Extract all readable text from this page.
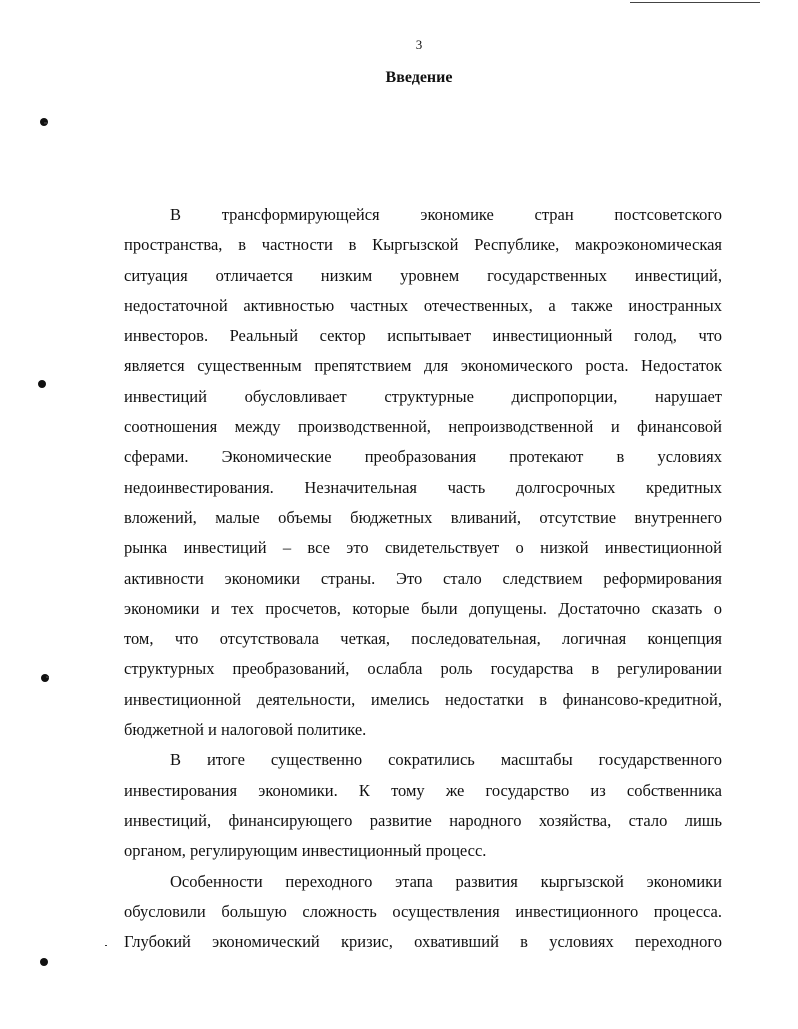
3
Введение
В трансформирующейся экономике стран постсоветского
пространства, в частности в Кыргызской Республике, макроэкономическая
ситуация отличается низким уровнем государственных инвестиций,
недостаточной активностью частных отечественных, а также иностранных
инвесторов. Реальный сектор испытывает инвестиционный голод, что
является существенным препятствием для экономического роста. Недостаток
инвестиций обусловливает структурные диспропорции, нарушает
соотношения между производственной, непроизводственной и финансовой
сферами. Экономические преобразования протекают в условиях
недоинвестирования. Незначительная часть долгосрочных кредитных
вложений, малые объемы бюджетных вливаний, отсутствие внутреннего
рынка инвестиций – все это свидетельствует о низкой инвестиционной
активности экономики страны. Это стало следствием реформирования
экономики и тех просчетов, которые были допущены. Достаточно сказать о
том, что отсутствовала четкая, последовательная, логичная концепция
структурных преобразований, ослабла роль государства в регулировании
инвестиционной деятельности, имелись недостатки в финансово-кредитной,
бюджетной и налоговой политике.
В итоге существенно сократились масштабы государственного
инвестирования экономики. К тому же государство из собственника
инвестиций, финансирующего развитие народного хозяйства, стало лишь
органом, регулирующим инвестиционный процесс.
Особенности переходного этапа развития кыргызской экономики
обусловили большую сложность осуществления инвестиционного процесса.
Глубокий экономический кризис, охвативший в условиях переходного
